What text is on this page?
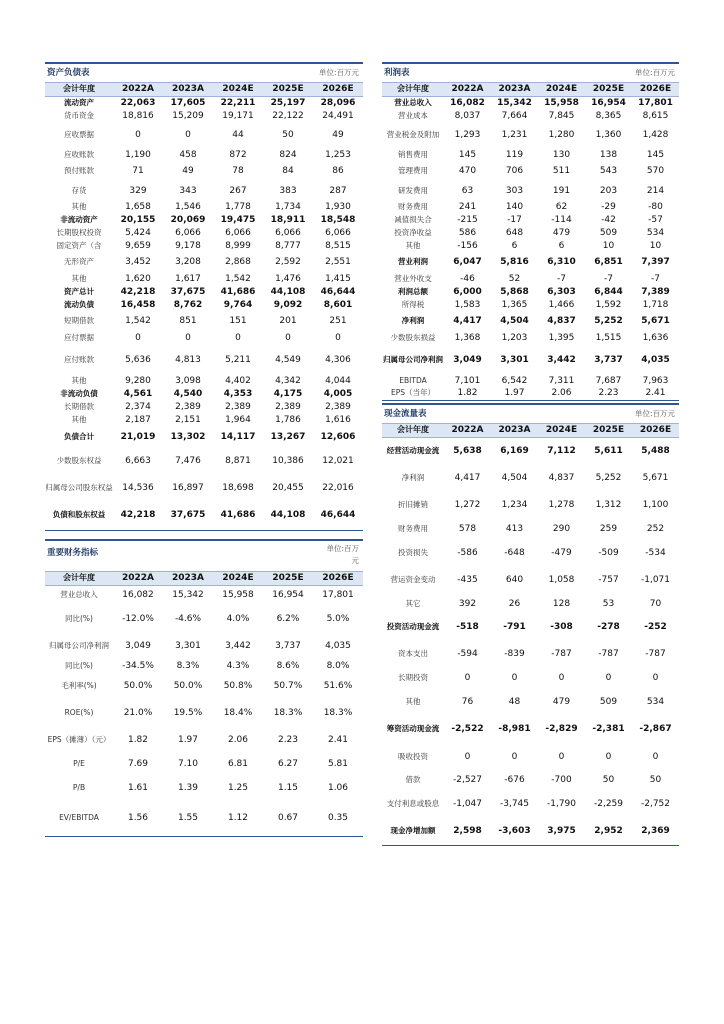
资产负债表	单位:百万元
会计年度	2022A	2023A	2024E	2025E	2026E
流动资产	22,063	17,605	22,211	25,197	28,096
货币资金	18,816	15,209	19,171	22,122	24,491
应收票据	0	0	44	50	49
应收账款	1,190	458	872	824	1,253
预付账款	71	49	78	84	86
存货	329	343	267	383	287
其他	1,658	1,546	1,778	1,734	1,930
非流动资产	20,155	20,069	19,475	18,911	18,548
长期股权投资	5,424	6,066	6,066	6,066	6,066
固定资产（含	9,659	9,178	8,999	8,777	8,515
无形资产	3,452	3,208	2,868	2,592	2,551
其他	1,620	1,617	1,542	1,476	1,415
资产总计	42,218	37,675	41,686	44,108	46,644
流动负债	16,458	8,762	9,764	9,092	8,601
短期借款	1,542	851	151	201	251
应付票据	0	0	0	0	0
应付账款	5,636	4,813	5,211	4,549	4,306
其他	9,280	3,098	4,402	4,342	4,044
非流动负债	4,561	4,540	4,353	4,175	4,005
长期借款	2,374	2,389	2,389	2,389	2,389
其他	2,187	2,151	1,964	1,786	1,616
负债合计	21,019	13,302	14,117	13,267	12,606
少数股东权益	6,663	7,476	8,871	10,386	12,021
归属母公司股东权益	14,536	16,897	18,698	20,455	22,016
负债和股东权益	42,218	37,675	41,686	44,108	46,644
重要财务指标	单位:百万元
会计年度	2022A	2023A	2024E	2025E	2026E
营业总收入	16,082	15,342	15,958	16,954	17,801
同比(%)	-12.0%	-4.6%	4.0%	6.2%	5.0%
归属母公司净利润	3,049	3,301	3,442	3,737	4,035
同比(%)	-34.5%	8.3%	4.3%	8.6%	8.0%
毛利率(%)	50.0%	50.0%	50.8%	50.7%	51.6%
ROE(%)	21.0%	19.5%	18.4%	18.3%	18.3%
EPS（摊薄）（元）	1.82	1.97	2.06	2.23	2.41
P/E	7.69	7.10	6.81	6.27	5.81
P/B	1.61	1.39	1.25	1.15	1.06
EV/EBITDA	1.56	1.55	1.12	0.67	0.35
利润表	单位:百万元
会计年度	2022A	2023A	2024E	2025E	2026E
营业总收入	16,082	15,342	15,958	16,954	17,801
营业成本	8,037	7,664	7,845	8,365	8,615
营业税金及附加	1,293	1,231	1,280	1,360	1,428
销售费用	145	119	130	138	145
管理费用	470	706	511	543	570
研发费用	63	303	191	203	214
财务费用	241	140	62	-29	-80
减值损失合	-215	-17	-114	-42	-57
投资净收益	586	648	479	509	534
其他	-156	6	6	10	10
营业利润	6,047	5,816	6,310	6,851	7,397
营业外收支	-46	52	-7	-7	-7
利润总额	6,000	5,868	6,303	6,844	7,389
所得税	1,583	1,365	1,466	1,592	1,718
净利润	4,417	4,504	4,837	5,252	5,671
少数股东损益	1,368	1,203	1,395	1,515	1,636
归属母公司净利润	3,049	3,301	3,442	3,737	4,035
EBITDA	7,101	6,542	7,311	7,687	7,963
EPS（当年）	1.82	1.97	2.06	2.23	2.41
现金流量表	单位:百万元
会计年度	2022A	2023A	2024E	2025E	2026E
经营活动现金流	5,638	6,169	7,112	5,611	5,488
净利润	4,417	4,504	4,837	5,252	5,671
折旧摊销	1,272	1,234	1,278	1,312	1,100
财务费用	578	413	290	259	252
投资损失	-586	-648	-479	-509	-534
营运资金变动	-435	640	1,058	-757	-1,071
其它	392	26	128	53	70
投资活动现金流	-518	-791	-308	-278	-252
资本支出	-594	-839	-787	-787	-787
长期投资	0	0	0	0	0
其他	76	48	479	509	534
筹资活动现金流	-2,522	-8,981	-2,829	-2,381	-2,867
吸收投资	0	0	0	0	0
借款	-2,527	-676	-700	50	50
支付利息或股息	-1,047	-3,745	-1,790	-2,259	-2,752
现金净增加额	2,598	-3,603	3,975	2,952	2,369
